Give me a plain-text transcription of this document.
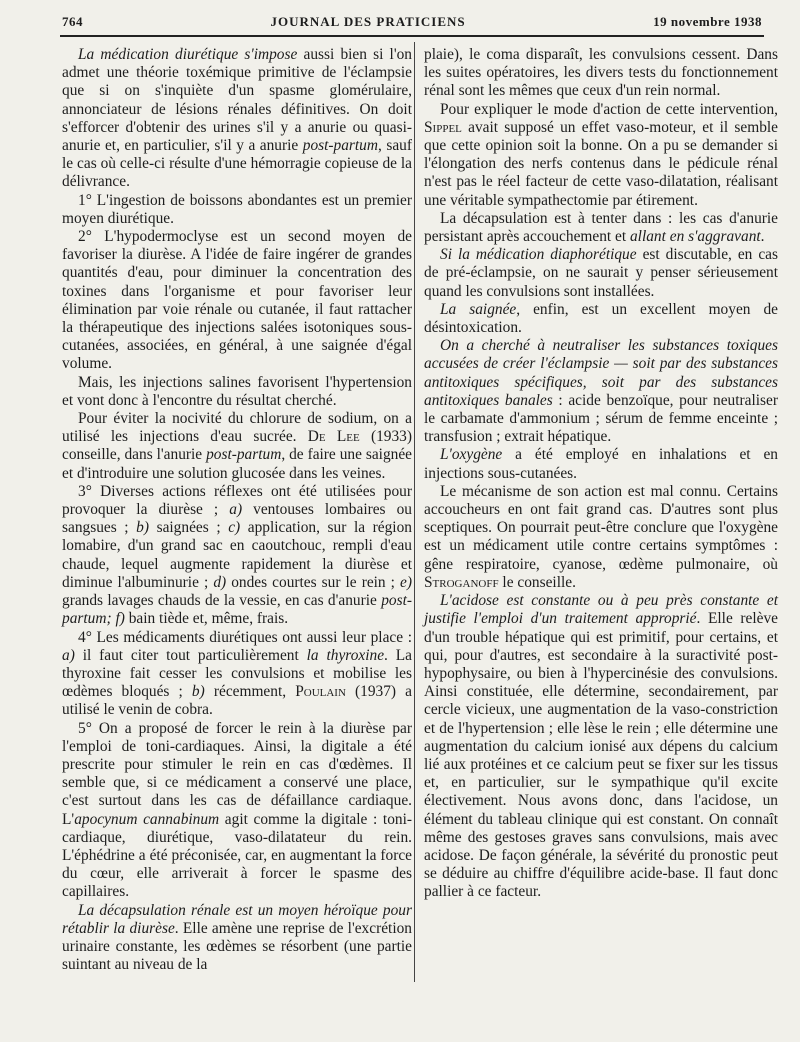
764	JOURNAL DES PRATICIENS	19 novembre 1938

La médication diurétique s'impose aussi bien si l'on admet une théorie toxémique primitive de l'éclampsie que si on s'inquiète d'un spasme glomérulaire, annonciateur de lésions rénales définitives. On doit s'efforcer d'obtenir des urines s'il y a anurie ou quasi-anurie et, en particulier, s'il y a anurie post-partum, sauf le cas où celle-ci résulte d'une hémorragie copieuse de la délivrance.

1° L'ingestion de boissons abondantes est un premier moyen diurétique.

2° L'hypodermoclyse est un second moyen de favoriser la diurèse. A l'idée de faire ingérer de grandes quantités d'eau, pour diminuer la concentration des toxines dans l'organisme et pour favoriser leur élimination par voie rénale ou cutanée, il faut rattacher la thérapeutique des injections salées isotoniques sous-cutanées, associées, en général, à une saignée d'égal volume.

Mais, les injections salines favorisent l'hypertension et vont donc à l'encontre du résultat cherché.

Pour éviter la nocivité du chlorure de sodium, on a utilisé les injections d'eau sucrée. De Lee (1933) conseille, dans l'anurie post-partum, de faire une saignée et d'introduire une solution glucosée dans les veines.

3° Diverses actions réflexes ont été utilisées pour provoquer la diurèse ; a) ventouses lombaires ou sangsues ; b) saignées ; c) application, sur la région lomabire, d'un grand sac en caoutchouc, rempli d'eau chaude, lequel augmente rapidement la diurèse et diminue l'albuminurie ; d) ondes courtes sur le rein ; e) grands lavages chauds de la vessie, en cas d'anurie post-partum; f) bain tiède et, même, frais.

4° Les médicaments diurétiques ont aussi leur place : a) il faut citer tout particulièrement la thyroxine. La thyroxine fait cesser les convulsions et mobilise les œdèmes bloqués ; b) récemment, Poulain (1937) a utilisé le venin de cobra.

5° On a proposé de forcer le rein à la diurèse par l'emploi de toni-cardiaques. Ainsi, la digitale a été prescrite pour stimuler le rein en cas d'œdèmes. Il semble que, si ce médicament a conservé une place, c'est surtout dans les cas de défaillance cardiaque. L'apocynum cannabinum agit comme la digitale : toni-cardiaque, diurétique, vaso-dilatateur du rein. L'éphédrine a été préconisée, car, en augmentant la force du cœur, elle arriverait à forcer le spasme des capillaires.

La décapsulation rénale est un moyen héroïque pour rétablir la diurèse. Elle amène une reprise de l'excrétion urinaire constante, les œdèmes se résorbent (une partie suintant au niveau de la

plaie), le coma disparaît, les convulsions cessent. Dans les suites opératoires, les divers tests du fonctionnement rénal sont les mêmes que ceux d'un rein normal.

Pour expliquer le mode d'action de cette intervention, Sippel avait supposé un effet vaso-moteur, et il semble que cette opinion soit la bonne. On a pu se demander si l'élongation des nerfs contenus dans le pédicule rénal n'est pas le réel facteur de cette vaso-dilatation, réalisant une véritable sympathectomie par étirement.

La décapsulation est à tenter dans : les cas d'anurie persistant après accouchement et allant en s'aggravant.

Si la médication diaphorétique est discutable, en cas de pré-éclampsie, on ne saurait y penser sérieusement quand les convulsions sont installées.

La saignée, enfin, est un excellent moyen de désintoxication.

On a cherché à neutraliser les substances toxiques accusées de créer l'éclampsie — soit par des substances antitoxiques spécifiques, soit par des substances antitoxiques banales : acide benzoïque, pour neutraliser le carbamate d'ammonium ; sérum de femme enceinte ; transfusion ; extrait hépatique.

L'oxygène a été employé en inhalations et en injections sous-cutanées.

Le mécanisme de son action est mal connu. Certains accoucheurs en ont fait grand cas. D'autres sont plus sceptiques. On pourrait peut-être conclure que l'oxygène est un médicament utile contre certains symptômes : gêne respiratoire, cyanose, œdème pulmonaire, où Stroganoff le conseille.

L'acidose est constante ou à peu près constante et justifie l'emploi d'un traitement approprié. Elle relève d'un trouble hépatique qui est primitif, pour certains, et qui, pour d'autres, est secondaire à la suractivité post-hypophysaire, ou bien à l'hypercinésie des convulsions. Ainsi constituée, elle détermine, secondairement, par cercle vicieux, une augmentation de la vaso-constriction et de l'hypertension ; elle lèse le rein ; elle détermine une augmentation du calcium ionisé aux dépens du calcium lié aux protéines et ce calcium peut se fixer sur les tissus et, en particulier, sur le sympathique qu'il excite électivement. Nous avons donc, dans l'acidose, un élément du tableau clinique qui est constant. On connaît même des gestoses graves sans convulsions, mais avec acidose. De façon générale, la sévérité du pronostic peut se déduire au chiffre d'équilibre acide-base. Il faut donc pallier à ce facteur.
